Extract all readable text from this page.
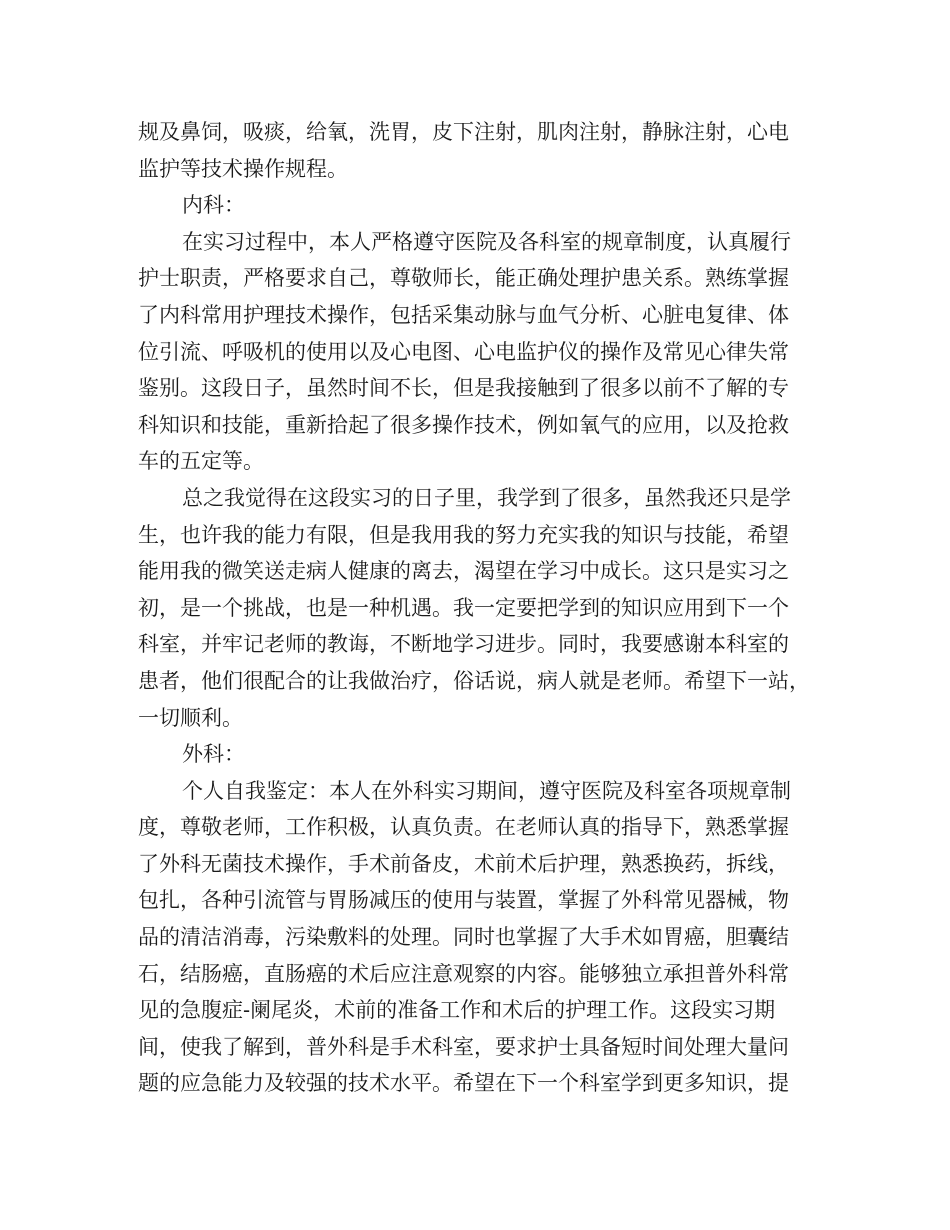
规及鼻饲，吸痰，给氧，洗胃，皮下注射，肌肉注射，静脉注射，心电
监护等技术操作规程。
内科：
在实习过程中，本人严格遵守医院及各科室的规章制度，认真履行
护士职责，严格要求自己，尊敬师长，能正确处理护患关系。熟练掌握
了内科常用护理技术操作，包括采集动脉与血气分析、心脏电复律、体
位引流、呼吸机的使用以及心电图、心电监护仪的操作及常见心律失常
鉴别。这段日子，虽然时间不长，但是我接触到了很多以前不了解的专
科知识和技能，重新拾起了很多操作技术，例如氧气的应用，以及抢救
车的五定等。
总之我觉得在这段实习的日子里，我学到了很多，虽然我还只是学
生，也许我的能力有限，但是我用我的努力充实我的知识与技能，希望
能用我的微笑送走病人健康的离去，渴望在学习中成长。这只是实习之
初，是一个挑战，也是一种机遇。我一定要把学到的知识应用到下一个
科室，并牢记老师的教诲，不断地学习进步。同时，我要感谢本科室的
患者，他们很配合的让我做治疗，俗话说，病人就是老师。希望下一站，
一切顺利。
外科：
个人自我鉴定：本人在外科实习期间，遵守医院及科室各项规章制
度，尊敬老师，工作积极，认真负责。在老师认真的指导下，熟悉掌握
了外科无菌技术操作，手术前备皮，术前术后护理，熟悉换药，拆线，
包扎，各种引流管与胃肠减压的使用与装置，掌握了外科常见器械，物
品的清洁消毒，污染敷料的处理。同时也掌握了大手术如胃癌，胆囊结
石，结肠癌，直肠癌的术后应注意观察的内容。能够独立承担普外科常
见的急腹症-阑尾炎，术前的准备工作和术后的护理工作。这段实习期
间，使我了解到，普外科是手术科室，要求护士具备短时间处理大量问
题的应急能力及较强的技术水平。希望在下一个科室学到更多知识，提
